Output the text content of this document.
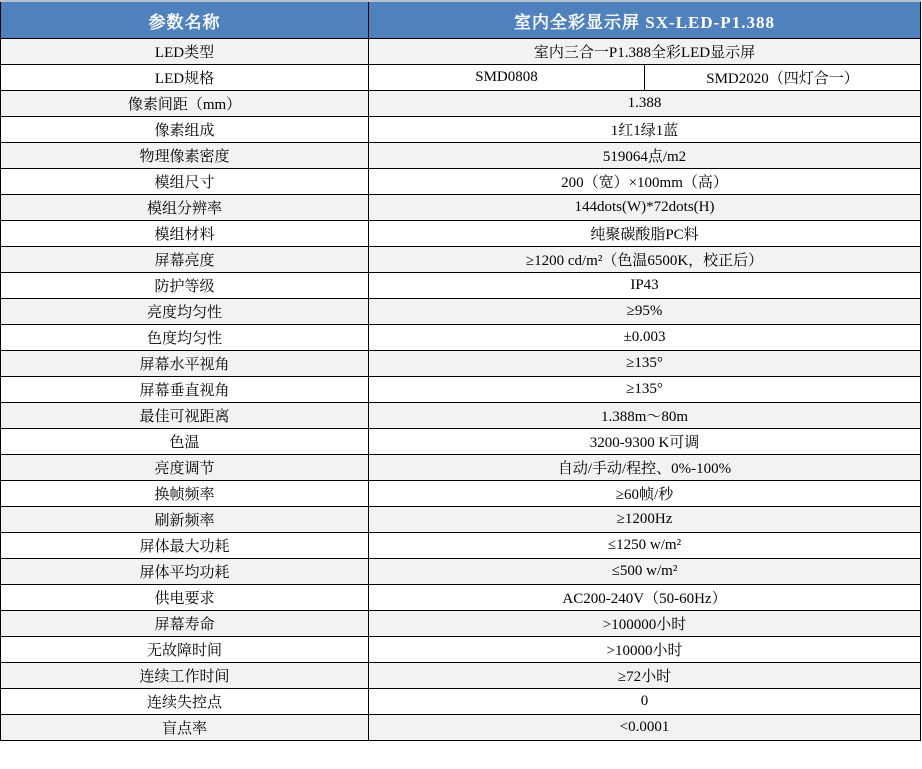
参数名称	室内全彩显示屏 SX-LED-P1.388	
LED类型	室内三合一P1.388全彩LED显示屏	
LED规格	SMD0808	SMD2020（四灯合一）
像素间距（mm）	1.388	
像素组成	1红1绿1蓝	
物理像素密度	519064点/m2	
模组尺寸	200（宽）×100mm（高）	
模组分辨率	144dots(W)*72dots(H)	
模组材料	纯聚碳酸脂PC料	
屏幕亮度	≥1200 cd/m²（色温6500K，校正后）	
防护等级	IP43	
亮度均匀性	≥95%	
色度均匀性	±0.003	
屏幕水平视角	≥135°	
屏幕垂直视角	≥135°	
最佳可视距离	1.388m～80m	
色温	3200-9300 K可调	
亮度调节	自动/手动/程控、0%-100%	
换帧频率	≥60帧/秒	
刷新频率	≥1200Hz	
屏体最大功耗	≤1250 w/m²	
屏体平均功耗	≤500 w/m²	
供电要求	AC200-240V（50-60Hz）	
屏幕寿命	>100000小时	
无故障时间	>10000小时	
连续工作时间	≥72小时	
连续失控点	0	
盲点率	<0.0001	
